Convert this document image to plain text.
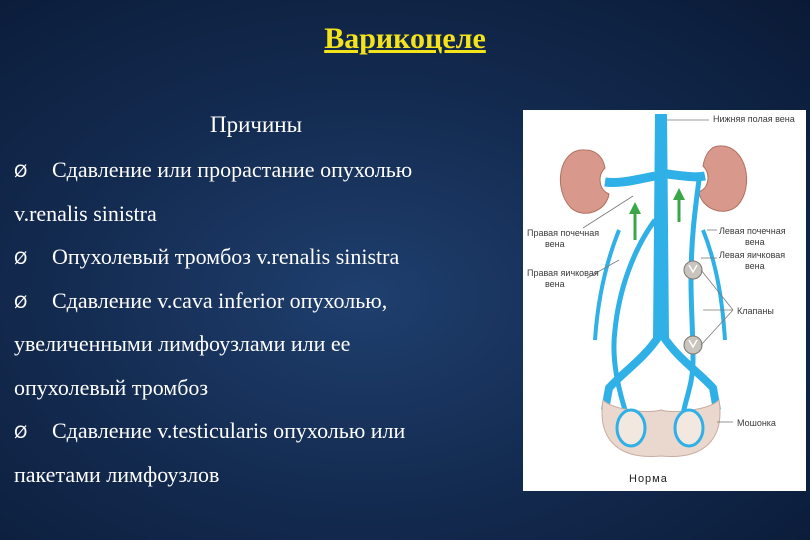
Варикоцеле
Причины
Ø Сдавление или прорастание опухолью
v.renalis sinistra
Ø Опухолевый тромбоз v.renalis sinistra
Ø Сдавление v.cava inferior опухолью,
увеличенными лимфоузлами или ее
опухолевый тромбоз
Ø Сдавление v.testicularis опухолью или
пакетами лимфоузлов
Нижняя полая вена
Правая почечная
вена
Левая почечная
вена
Левая яичковая
вена
Правая яичковая
вена
Клапаны
Мошонка
Норма
